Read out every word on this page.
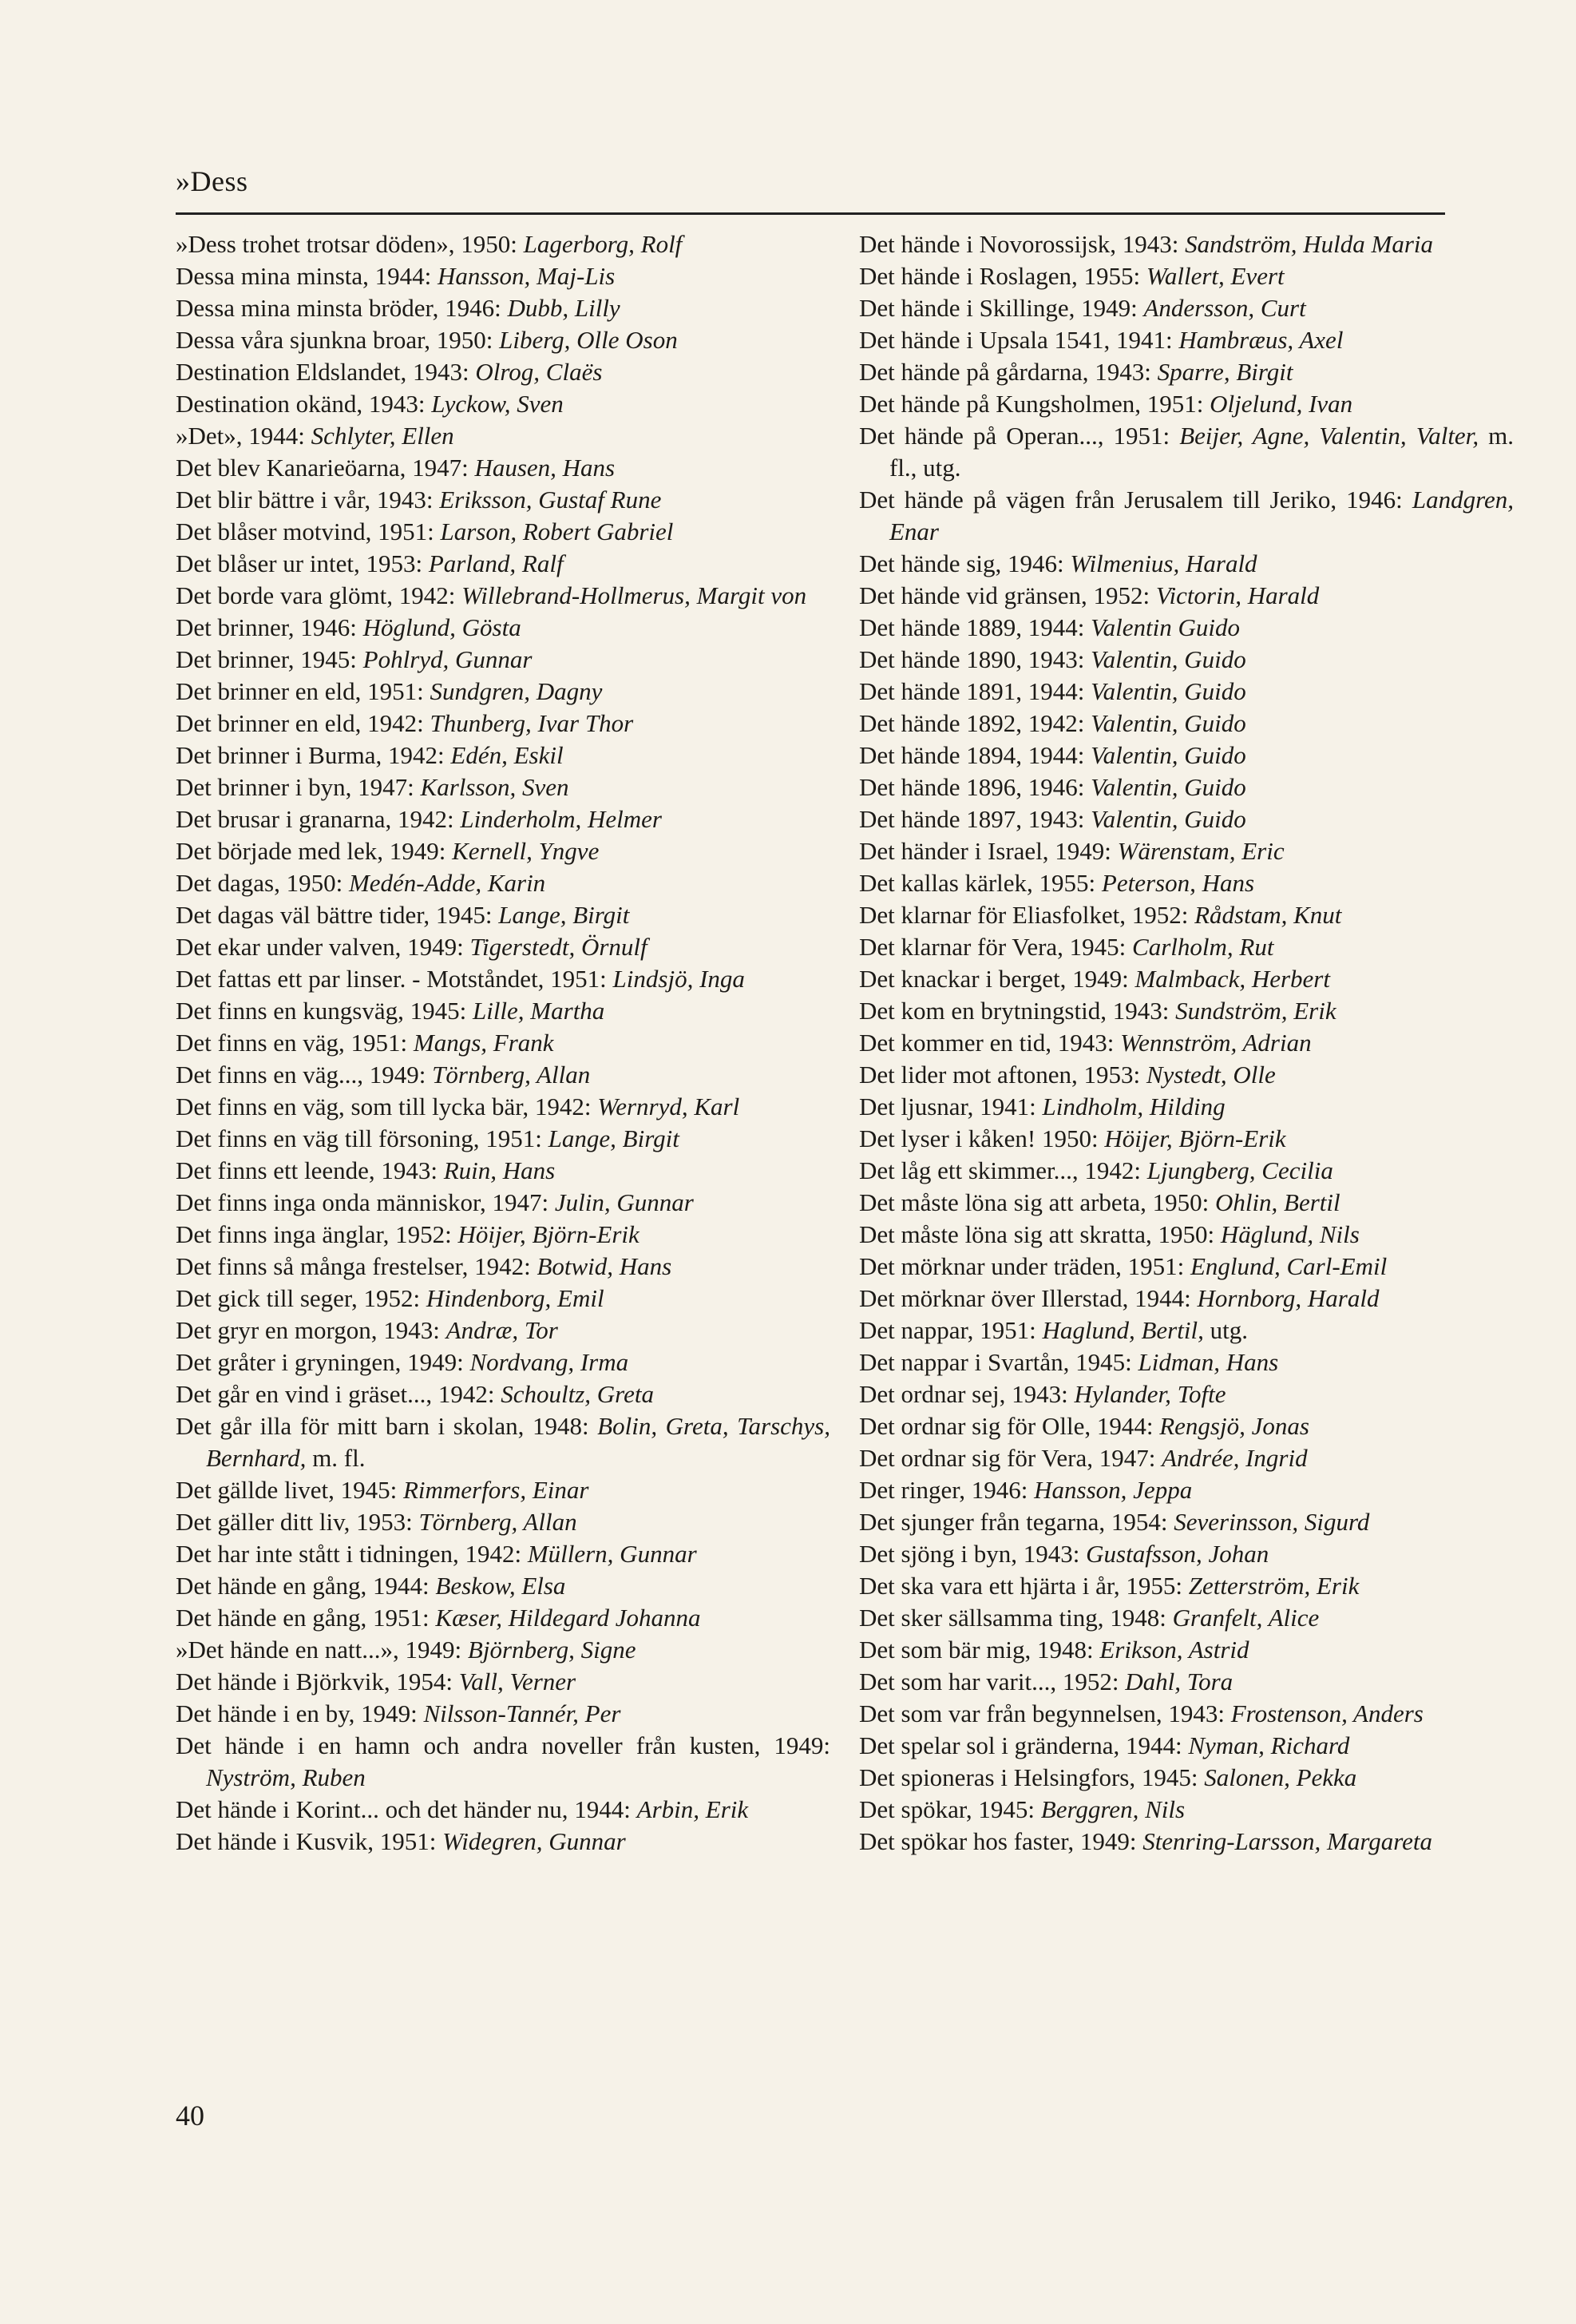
»Dess
»Dess trohet trotsar döden», 1950: Lagerborg, Rolf
Dessa mina minsta, 1944: Hansson, Maj-Lis
Dessa mina minsta bröder, 1946: Dubb, Lilly
Dessa våra sjunkna broar, 1950: Liberg, Olle Oson
Destination Eldslandet, 1943: Olrog, Claës
Destination okänd, 1943: Lyckow, Sven
»Det», 1944: Schlyter, Ellen
Det blev Kanarieöarna, 1947: Hausen, Hans
Det blir bättre i vår, 1943: Eriksson, Gustaf Rune
Det blåser motvind, 1951: Larson, Robert Gabriel
Det blåser ur intet, 1953: Parland, Ralf
Det borde vara glömt, 1942: Willebrand-Hollmerus, Margit von
Det brinner, 1946: Höglund, Gösta
Det brinner, 1945: Pohlryd, Gunnar
Det brinner en eld, 1951: Sundgren, Dagny
Det brinner en eld, 1942: Thunberg, Ivar Thor
Det brinner i Burma, 1942: Edén, Eskil
Det brinner i byn, 1947: Karlsson, Sven
Det brusar i granarna, 1942: Linderholm, Helmer
Det började med lek, 1949: Kernell, Yngve
Det dagas, 1950: Medén-Adde, Karin
Det dagas väl bättre tider, 1945: Lange, Birgit
Det ekar under valven, 1949: Tigerstedt, Örnulf
Det fattas ett par linser. - Motståndet, 1951: Lindsjö, Inga
Det finns en kungsväg, 1945: Lille, Martha
Det finns en väg, 1951: Mangs, Frank
Det finns en väg..., 1949: Törnberg, Allan
Det finns en väg, som till lycka bär, 1942: Wernryd, Karl
Det finns en väg till försoning, 1951: Lange, Birgit
Det finns ett leende, 1943: Ruin, Hans
Det finns inga onda människor, 1947: Julin, Gunnar
Det finns inga änglar, 1952: Höijer, Björn-Erik
Det finns så många frestelser, 1942: Botwid, Hans
Det gick till seger, 1952: Hindenborg, Emil
Det gryr en morgon, 1943: Andræ, Tor
Det gråter i gryningen, 1949: Nordvang, Irma
Det går en vind i gräset..., 1942: Schoultz, Greta
Det går illa för mitt barn i skolan, 1948: Bolin, Greta, Tarschys, Bernhard, m. fl.
Det gällde livet, 1945: Rimmerfors, Einar
Det gäller ditt liv, 1953: Törnberg, Allan
Det har inte stått i tidningen, 1942: Müllern, Gunnar
Det hände en gång, 1944: Beskow, Elsa
Det hände en gång, 1951: Kæser, Hildegard Johanna
»Det hände en natt...», 1949: Björnberg, Signe
Det hände i Björkvik, 1954: Vall, Verner
Det hände i en by, 1949: Nilsson-Tannér, Per
Det hände i en hamn och andra noveller från kusten, 1949: Nyström, Ruben
Det hände i Korint... och det händer nu, 1944: Arbin, Erik
Det hände i Kusvik, 1951: Widegren, Gunnar
Det hände i Novorossijsk, 1943: Sandström, Hulda Maria
Det hände i Roslagen, 1955: Wallert, Evert
Det hände i Skillinge, 1949: Andersson, Curt
Det hände i Upsala 1541, 1941: Hambræus, Axel
Det hände på gårdarna, 1943: Sparre, Birgit
Det hände på Kungsholmen, 1951: Oljelund, Ivan
Det hände på Operan..., 1951: Beijer, Agne, Valentin, Valter, m. fl., utg.
Det hände på vägen från Jerusalem till Jeriko, 1946: Landgren, Enar
Det hände sig, 1946: Wilmenius, Harald
Det hände vid gränsen, 1952: Victorin, Harald
Det hände 1889, 1944: Valentin Guido
Det hände 1890, 1943: Valentin, Guido
Det hände 1891, 1944: Valentin, Guido
Det hände 1892, 1942: Valentin, Guido
Det hände 1894, 1944: Valentin, Guido
Det hände 1896, 1946: Valentin, Guido
Det hände 1897, 1943: Valentin, Guido
Det händer i Israel, 1949: Wärenstam, Eric
Det kallas kärlek, 1955: Peterson, Hans
Det klarnar för Eliasfolket, 1952: Rådstam, Knut
Det klarnar för Vera, 1945: Carlholm, Rut
Det knackar i berget, 1949: Malmback, Herbert
Det kom en brytningstid, 1943: Sundström, Erik
Det kommer en tid, 1943: Wennström, Adrian
Det lider mot aftonen, 1953: Nystedt, Olle
Det ljusnar, 1941: Lindholm, Hilding
Det lyser i kåken! 1950: Höijer, Björn-Erik
Det låg ett skimmer..., 1942: Ljungberg, Cecilia
Det måste löna sig att arbeta, 1950: Ohlin, Bertil
Det måste löna sig att skratta, 1950: Häglund, Nils
Det mörknar under träden, 1951: Englund, Carl-Emil
Det mörknar över Illerstad, 1944: Hornborg, Harald
Det nappar, 1951: Haglund, Bertil, utg.
Det nappar i Svartån, 1945: Lidman, Hans
Det ordnar sej, 1943: Hylander, Tofte
Det ordnar sig för Olle, 1944: Rengsjö, Jonas
Det ordnar sig för Vera, 1947: Andrée, Ingrid
Det ringer, 1946: Hansson, Jeppa
Det sjunger från tegarna, 1954: Severinsson, Sigurd
Det sjöng i byn, 1943: Gustafsson, Johan
Det ska vara ett hjärta i år, 1955: Zetterström, Erik
Det sker sällsamma ting, 1948: Granfelt, Alice
Det som bär mig, 1948: Erikson, Astrid
Det som har varit..., 1952: Dahl, Tora
Det som var från begynnelsen, 1943: Frostenson, Anders
Det spelar sol i gränderna, 1944: Nyman, Richard
Det spioneras i Helsingfors, 1945: Salonen, Pekka
Det spökar, 1945: Berggren, Nils
Det spökar hos faster, 1949: Stenring-Larsson, Margareta
40
